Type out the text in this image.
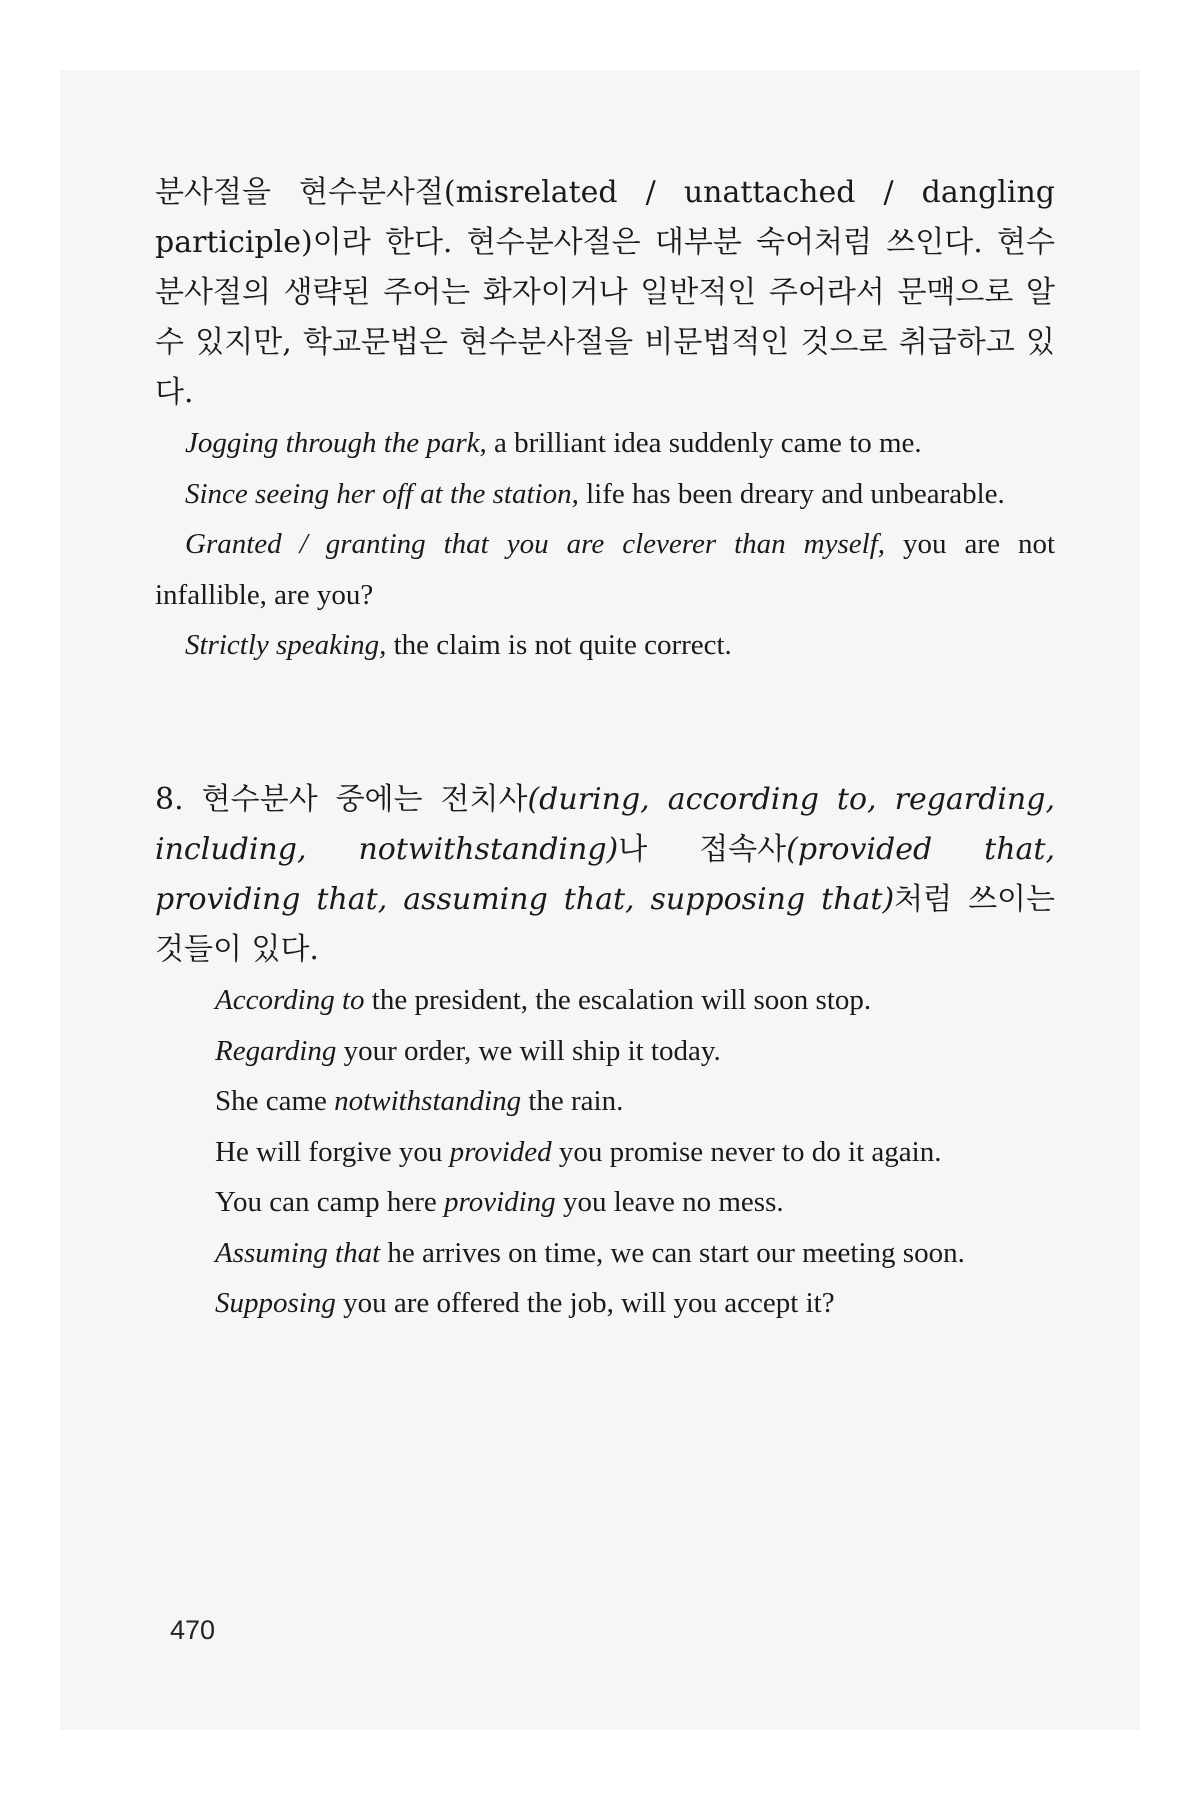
분사절을 현수분사절(misrelated / unattached / dangling participle)이라 한다. 현수분사절은 대부분 숙어처럼 쓰인다. 현수분사절의 생략된 주어는 화자이거나 일반적인 주어라서 문맥으로 알 수 있지만, 학교문법은 현수분사절을 비문법적인 것으로 취급하고 있다.

Jogging through the park, a brilliant idea suddenly came to me.

Since seeing her off at the station, life has been dreary and unbearable.

Granted / granting that you are cleverer than myself, you are not infallible, are you?

Strictly speaking, the claim is not quite correct.

8. 현수분사 중에는 전치사(during, according to, regarding, including, notwithstanding)나 접속사(provided that, providing that, assuming that, supposing that)처럼 쓰이는 것들이 있다.

According to the president, the escalation will soon stop.

Regarding your order, we will ship it today.

She came notwithstanding the rain.

He will forgive you provided you promise never to do it again.

You can camp here providing you leave no mess.

Assuming that he arrives on time, we can start our meeting soon.

Supposing you are offered the job, will you accept it?

470
